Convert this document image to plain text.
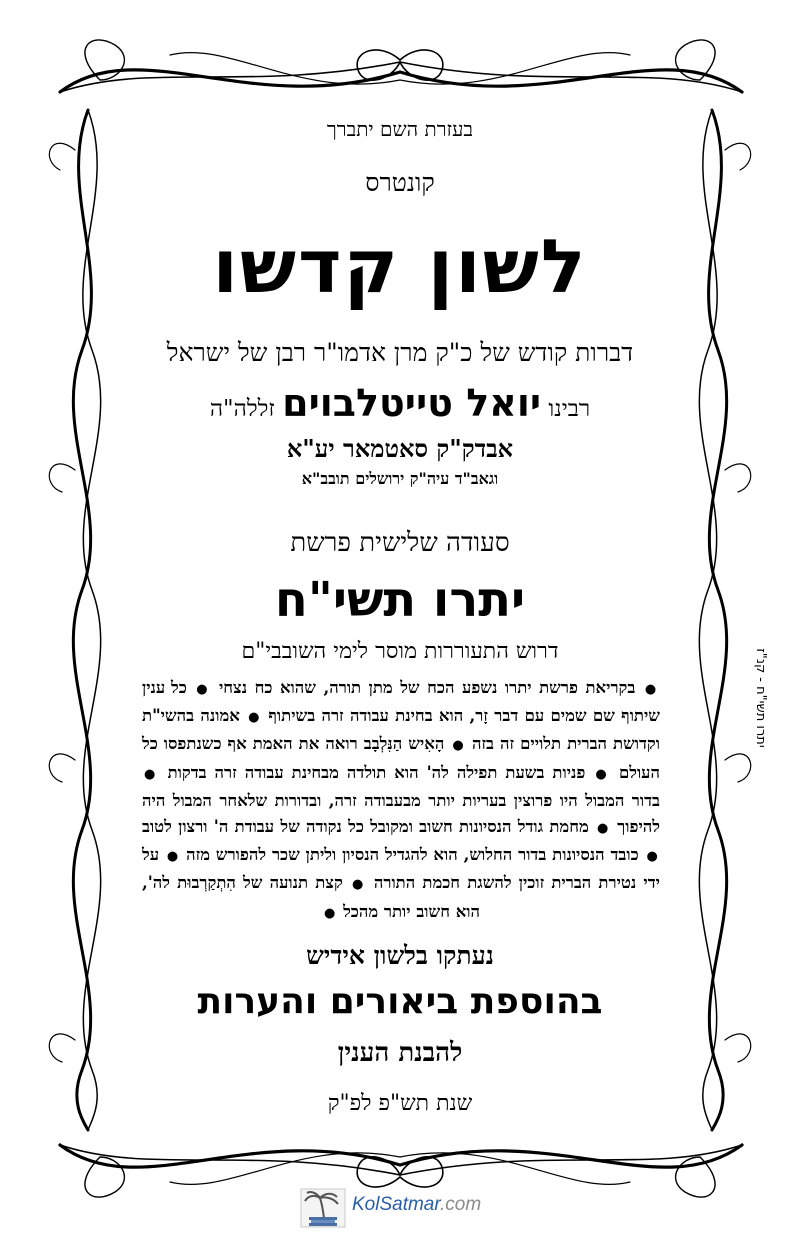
בעזרת השם יתברך
קונטרס
לשון קדשו
דברות קודש של כ"ק מרן אדמו"ר רבן של ישראל
רבינו יואל טייטלבוים זללה"ה
אבדק"ק סאטמאר יע"א
וגאב"ד עיה"ק ירושלים תובב"א
סעודה שלישית פרשת
יתרו תשי"ח
דרוש התעוררות מוסר לימי השובבי"ם
● בקריאת פרשת יתרו נשפע הכח של מתן תורה, שהוא כח נצחי ● כל ענין שיתוף שם שמים עם דבר זָר, הוא בחינת עבודה זרה בשיתוף ● אמונה בהשי"ת וקדושת הברית תלויים זה בזה ● הָאִיש הַנִּלְבָב רואה את האמת אף כשנתפסו כל העולם ● פניות בשעת תפילה לה' הוא תולדה מבחינת עבודה זרה בדקות ● בדור המבול היו פרוצין בעריות יותר מבעבודה זרה, ובדורות שלאחר המבול היה להיפוך ● מחמת גודל הנסיונות חשוב ומקובל כל נקודה של עבודת ה' ורצון לטוב ● כובד הנסיונות בדור החלוש, הוא להגדיל הנסיון וליתן שכר להפורש מזה ● על ידי נטירת הברית זוכין להשגת חכמת התורה ● קצת תנועה של הִתְקַרְבוּת לה', הוא חשוב יותר מהכל ●
נעתקו בלשון אידיש
בהוספת ביאורים והערות
להבנת הענין
שנת תש"פ לפ"ק
יתרו תשי"ח - קנ"ז
KolSatmar.com
